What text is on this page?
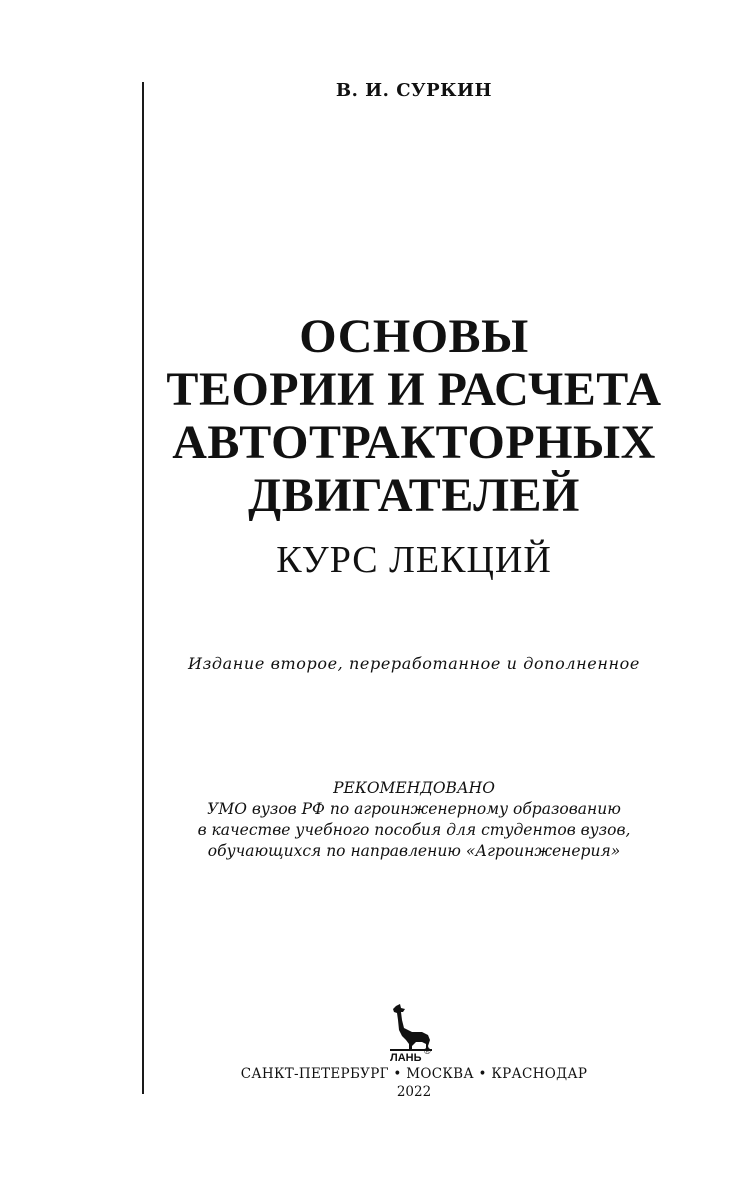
В. И. СУРКИН
ОСНОВЫ
ТЕОРИИ И РАСЧЕТА
АВТОТРАКТОРНЫХ
ДВИГАТЕЛЕЙ
КУРС ЛЕКЦИЙ
Издание второе, переработанное и дополненное
РЕКОМЕНДОВАНО
УМО вузов РФ по агроинженерному образованию
в качестве учебного пособия для студентов вузов,
обучающихся по направлению «Агроинженерия»
ЛАНЬ
®
САНКТ-ПЕТЕРБУРГ • МОСКВА • КРАСНОДАР
2022
